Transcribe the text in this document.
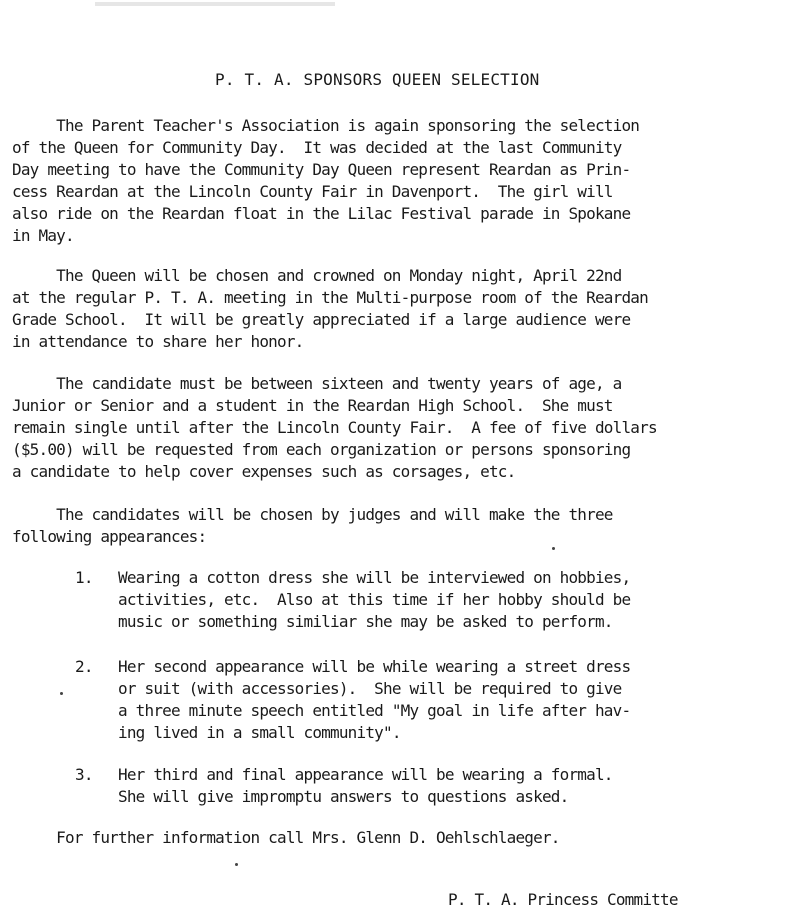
P. T. A. SPONSORS QUEEN SELECTION
The Parent Teacher's Association is again sponsoring the selection
of the Queen for Community Day.  It was decided at the last Community
Day meeting to have the Community Day Queen represent Reardan as Prin-
cess Reardan at the Lincoln County Fair in Davenport.  The girl will
also ride on the Reardan float in the Lilac Festival parade in Spokane
in May.
The Queen will be chosen and crowned on Monday night, April 22nd
at the regular P. T. A. meeting in the Multi-purpose room of the Reardan
Grade School.  It will be greatly appreciated if a large audience were
in attendance to share her honor.
The candidate must be between sixteen and twenty years of age, a
Junior or Senior and a student in the Reardan High School.  She must
remain single until after the Lincoln County Fair.  A fee of five dollars
($5.00) will be requested from each organization or persons sponsoring
a candidate to help cover expenses such as corsages, etc.
The candidates will be chosen by judges and will make the three
following appearances:
1. Wearing a cotton dress she will be interviewed on hobbies,
activities, etc.  Also at this time if her hobby should be
music or something similiar she may be asked to perform.
2. Her second appearance will be while wearing a street dress
or suit (with accessories).  She will be required to give
a three minute speech entitled "My goal in life after hav-
ing lived in a small community".
3. Her third and final appearance will be wearing a formal.
She will give impromptu answers to questions asked.
For further information call Mrs. Glenn D. Oehlschlaeger.
P. T. A. Princess Committe
